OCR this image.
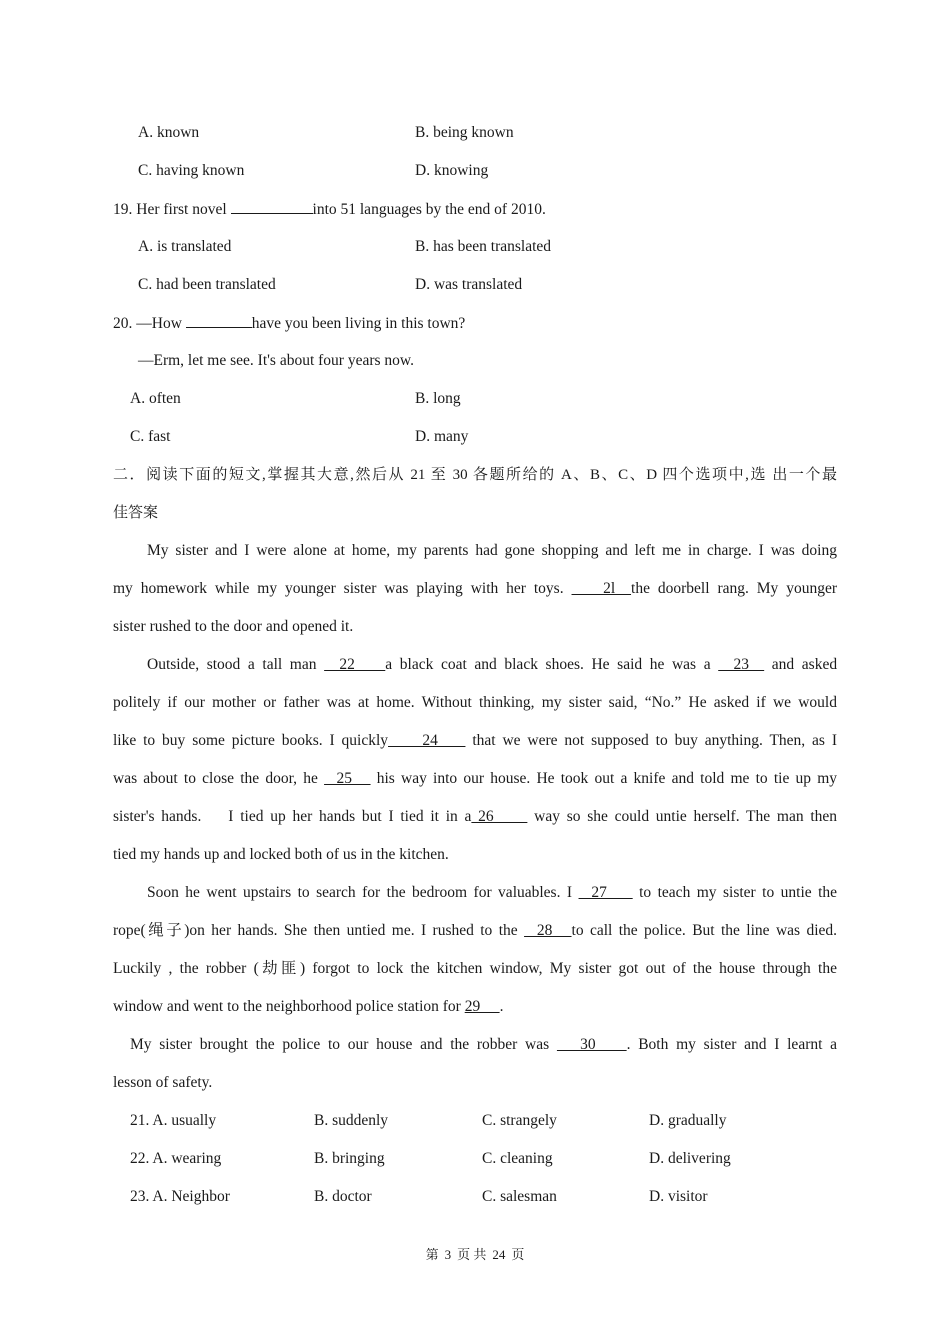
A. known	B. being known
C. having known	D. knowing
19. Her first novel	into 51 languages by the end of 2010.
A. is translated	B. has been translated
C. had been translated	D. was translated
20. —How	have you been living in this town?
—Erm, let me see. It's about four years now.
A. often	B. long
C. fast	D. many
二．阅读下面的短文,掌握其大意,然后从 21 至 30 各题所给的 A、B、C、D 四个选项中,选 出一个最
佳答案
My sister and I were alone at home, my parents had gone shopping and left me in charge. I was doing
my homework while my younger sister was playing with her toys.     2l  the doorbell rang. My younger
sister rushed to the door and opened it.
Outside, stood a tall man   22    a black coat and black shoes. He said he was a   23   and asked
politely if our mother or father was at home. Without thinking, my sister said, “No.” He asked if we would
like to buy some picture books. I quickly     24     that we were not supposed to buy anything. Then, as I
was about to close the door, he   25    his way into our house. He took out a knife and told me to tie up my
sister's hands.    I tied up her hands but I tied it in a 26      way so she could untie herself. The man then
tied my hands up and locked both of us in the kitchen.
Soon he went upstairs to search for the bedroom for valuables. I   27     to teach my sister to untie the
rope(绳子)on her hands. She then untied me. I rushed to the   28   to call the police. But the line was died.
Luckily , the robber (劫匪) forgot to lock the kitchen window, My sister got out of the house through the
window and went to the neighborhood police station for 29     .
My sister brought the police to our house and the robber was    30    . Both my sister and I learnt a
lesson of safety.
21. A. usually	B. suddenly	C. strangely	D. gradually
22. A. wearing	B. bringing	C. cleaning	D. delivering
23. A. Neighbor	B. doctor	C. salesman	D. visitor
第 3 页 共 24 页
